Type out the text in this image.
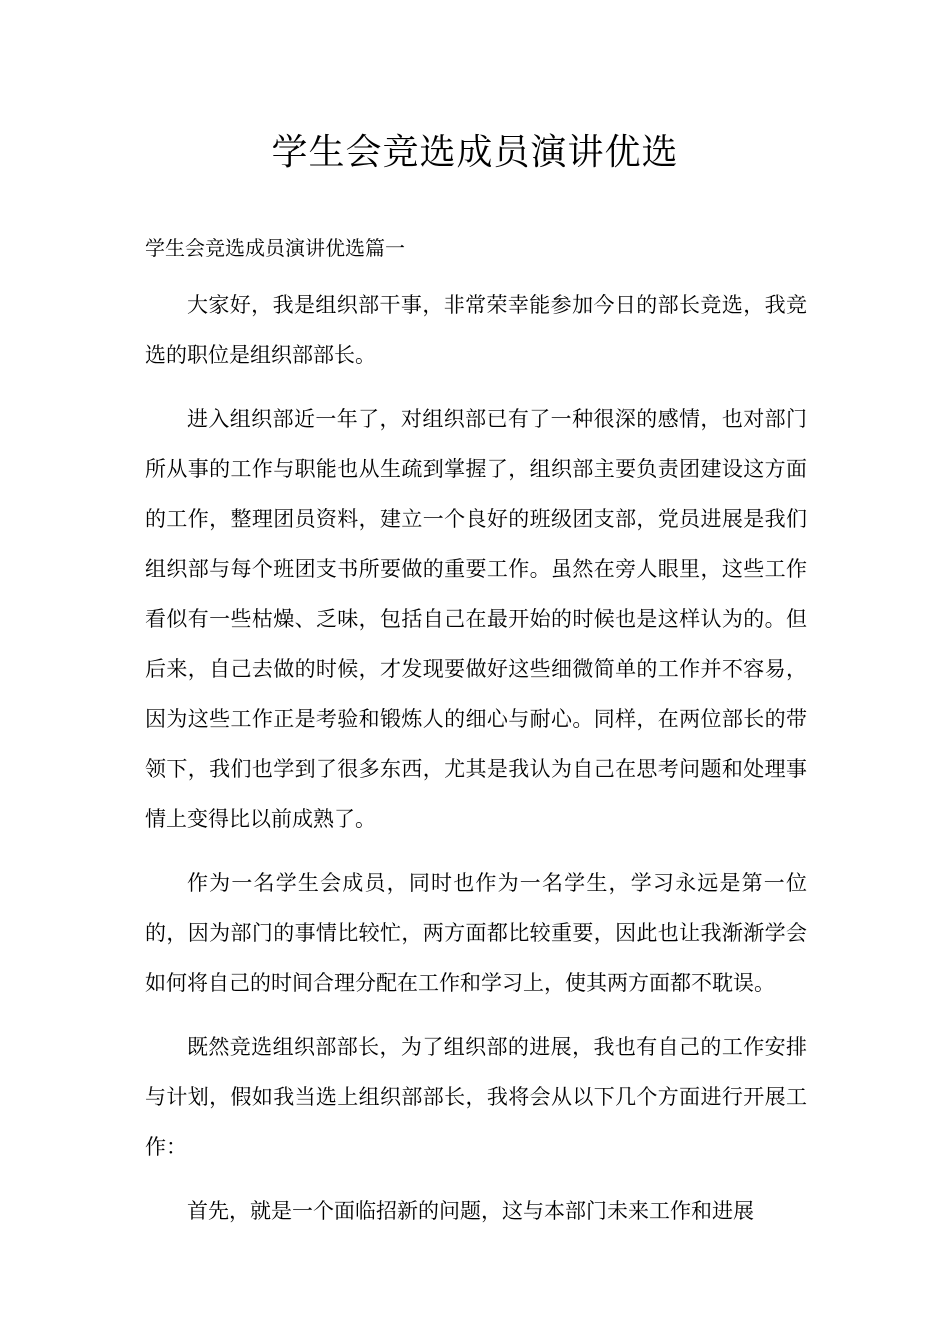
学生会竞选成员演讲优选

学生会竞选成员演讲优选篇一

大家好，我是组织部干事，非常荣幸能参加今日的部长竞选，我竞选的职位是组织部部长。

进入组织部近一年了，对组织部已有了一种很深的感情，也对部门所从事的工作与职能也从生疏到掌握了，组织部主要负责团建设这方面的工作，整理团员资料，建立一个良好的班级团支部，党员进展是我们组织部与每个班团支书所要做的重要工作。虽然在旁人眼里，这些工作看似有一些枯燥、乏味，包括自己在最开始的时候也是这样认为的。但后来，自己去做的时候，才发现要做好这些细微简单的工作并不容易，因为这些工作正是考验和锻炼人的细心与耐心。同样，在两位部长的带领下，我们也学到了很多东西，尤其是我认为自己在思考问题和处理事情上变得比以前成熟了。

作为一名学生会成员，同时也作为一名学生，学习永远是第一位的，因为部门的事情比较忙，两方面都比较重要，因此也让我渐渐学会如何将自己的时间合理分配在工作和学习上，使其两方面都不耽误。

既然竞选组织部部长，为了组织部的进展，我也有自己的工作安排与计划，假如我当选上组织部部长，我将会从以下几个方面进行开展工作：

首先，就是一个面临招新的问题，这与本部门未来工作和进展
